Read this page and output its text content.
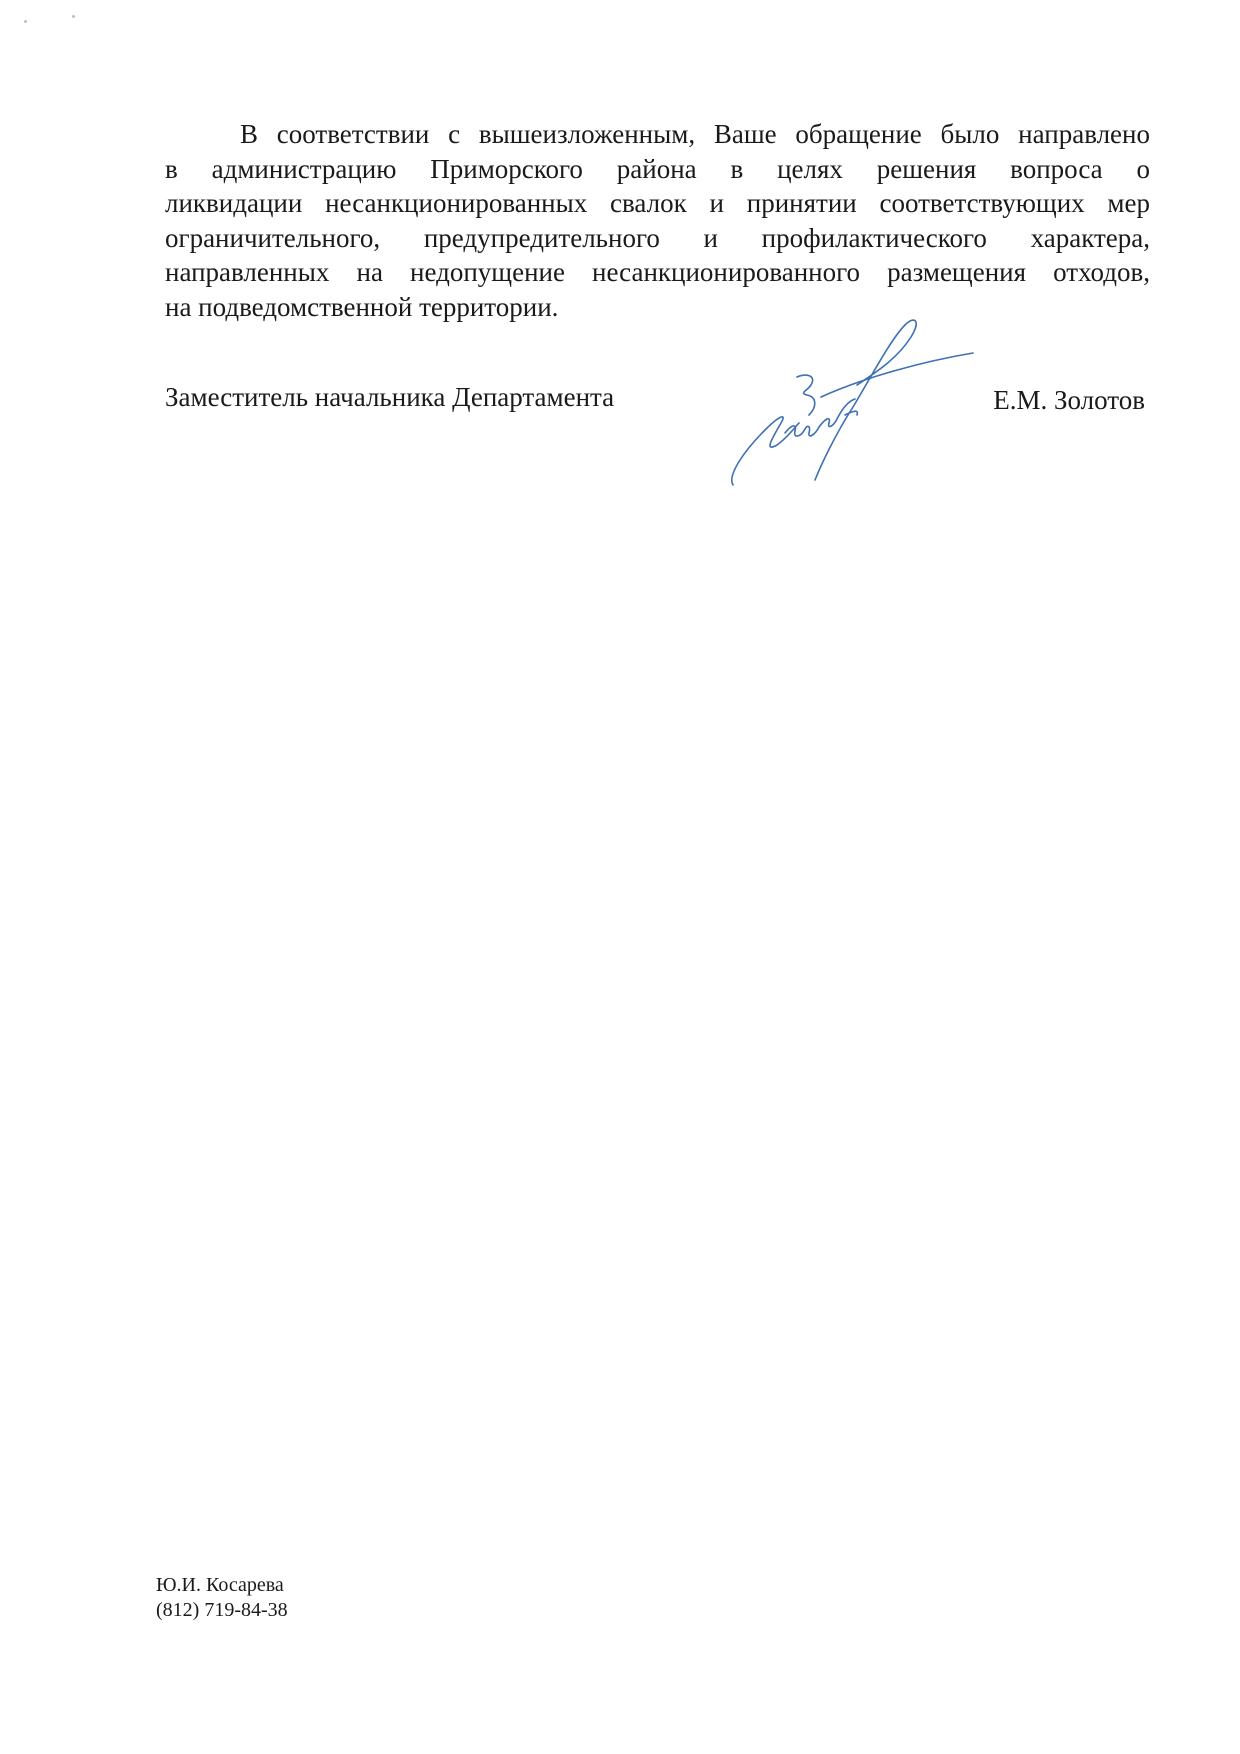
В соответствии с вышеизложенным, Ваше обращение было направлено
в администрацию Приморского района в целях решения вопроса о
ликвидации несанкционированных свалок и принятии соответствующих мер
ограничительного, предупредительного и профилактического характера,
направленных на недопущение несанкционированного размещения отходов,
на подведомственной территории.

Заместитель начальника Департамента	Е.М. Золотов
Ю.И. Косарева
(812) 719-84-38
